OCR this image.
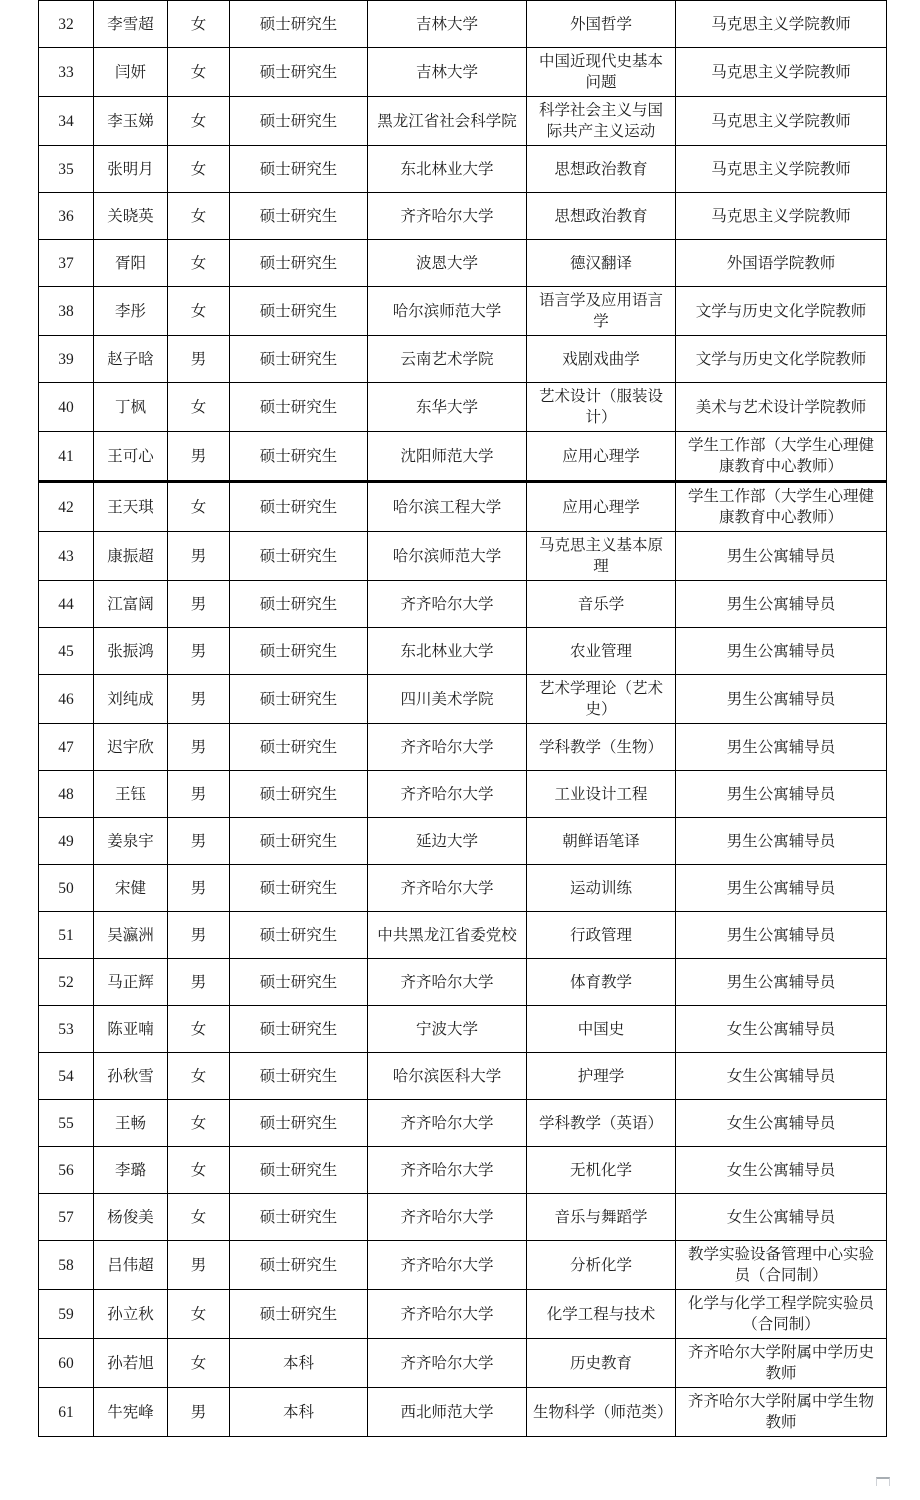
32	李雪超	女	硕士研究生	吉林大学	外国哲学	马克思主义学院教师
33	闫妍	女	硕士研究生	吉林大学	中国近现代史基本问题	马克思主义学院教师
34	李玉娣	女	硕士研究生	黑龙江省社会科学院	科学社会主义与国际共产主义运动	马克思主义学院教师
35	张明月	女	硕士研究生	东北林业大学	思想政治教育	马克思主义学院教师
36	关晓英	女	硕士研究生	齐齐哈尔大学	思想政治教育	马克思主义学院教师
37	胥阳	女	硕士研究生	波恩大学	德汉翻译	外国语学院教师
38	李彤	女	硕士研究生	哈尔滨师范大学	语言学及应用语言学	文学与历史文化学院教师
39	赵子晗	男	硕士研究生	云南艺术学院	戏剧戏曲学	文学与历史文化学院教师
40	丁枫	女	硕士研究生	东华大学	艺术设计（服装设计）	美术与艺术设计学院教师
41	王可心	男	硕士研究生	沈阳师范大学	应用心理学	学生工作部（大学生心理健康教育中心教师）
42	王天琪	女	硕士研究生	哈尔滨工程大学	应用心理学	学生工作部（大学生心理健康教育中心教师）
43	康振超	男	硕士研究生	哈尔滨师范大学	马克思主义基本原理	男生公寓辅导员
44	江富阔	男	硕士研究生	齐齐哈尔大学	音乐学	男生公寓辅导员
45	张振鸿	男	硕士研究生	东北林业大学	农业管理	男生公寓辅导员
46	刘纯成	男	硕士研究生	四川美术学院	艺术学理论（艺术史）	男生公寓辅导员
47	迟宇欣	男	硕士研究生	齐齐哈尔大学	学科教学（生物）	男生公寓辅导员
48	王钰	男	硕士研究生	齐齐哈尔大学	工业设计工程	男生公寓辅导员
49	姜泉宇	男	硕士研究生	延边大学	朝鲜语笔译	男生公寓辅导员
50	宋健	男	硕士研究生	齐齐哈尔大学	运动训练	男生公寓辅导员
51	吴瀛洲	男	硕士研究生	中共黑龙江省委党校	行政管理	男生公寓辅导员
52	马正辉	男	硕士研究生	齐齐哈尔大学	体育教学	男生公寓辅导员
53	陈亚喃	女	硕士研究生	宁波大学	中国史	女生公寓辅导员
54	孙秋雪	女	硕士研究生	哈尔滨医科大学	护理学	女生公寓辅导员
55	王畅	女	硕士研究生	齐齐哈尔大学	学科教学（英语）	女生公寓辅导员
56	李璐	女	硕士研究生	齐齐哈尔大学	无机化学	女生公寓辅导员
57	杨俊美	女	硕士研究生	齐齐哈尔大学	音乐与舞蹈学	女生公寓辅导员
58	吕伟超	男	硕士研究生	齐齐哈尔大学	分析化学	教学实验设备管理中心实验员（合同制）
59	孙立秋	女	硕士研究生	齐齐哈尔大学	化学工程与技术	化学与化学工程学院实验员（合同制）
60	孙若旭	女	本科	齐齐哈尔大学	历史教育	齐齐哈尔大学附属中学历史教师
61	牛宪峰	男	本科	西北师范大学	生物科学（师范类）	齐齐哈尔大学附属中学生物教师
